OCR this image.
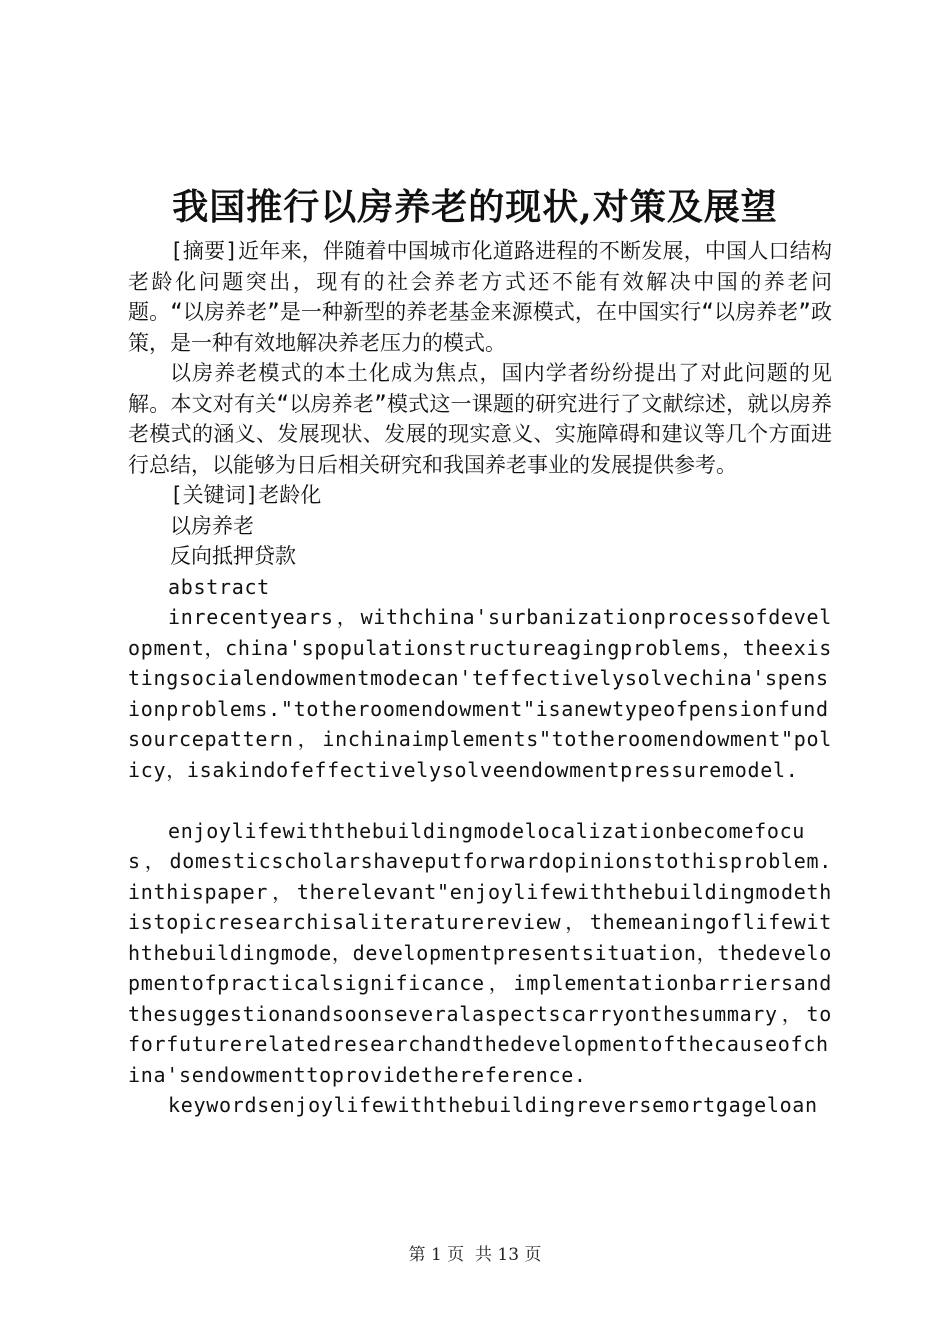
我国推行以房养老的现状,对策及展望

[摘要]近年来，伴随着中国城市化道路进程的不断发展，中国人口结构老龄化问题突出，现有的社会养老方式还不能有效解决中国的养老问题。“以房养老”是一种新型的养老基金来源模式，在中国实行“以房养老”政策，是一种有效地解决养老压力的模式。

以房养老模式的本土化成为焦点，国内学者纷纷提出了对此问题的见解。本文对有关“以房养老”模式这一课题的研究进行了文献综述，就以房养老模式的涵义、发展现状、发展的现实意义、实施障碍和建议等几个方面进行总结，以能够为日后相关研究和我国养老事业的发展提供参考。

[关键词]老龄化

以房养老

反向抵押贷款

abstract

inrecentyears，withchina'surbanizationprocessofdevelopment，china'spopulationstructureagingproblems，theexistingsocialendowmentmodecan'teffectivelysolvechina'spensionproblems."totheroomendowment"isanewtypeofpensionfundsourcepattern，inchinaimplements"totheroomendowment"policy，isakindofeffectivelysolveendowmentpressuremodel.

enjoylifewiththebuildingmodelocalizationbecomefocus，domesticscholarshaveputforwardopinionstothisproblem.inthispaper，therelevant"enjoylifewiththebuildingmodethistopicresearchisaliteraturereview，themeaningoflifewiththebuildingmode，developmentpresentsituation，thedevelopmentofpracticalsignificance，implementationbarriersandthesuggestionandsoonseveralaspectscarryonthesummary，toforfuturerelatedresearchandthedevelopmentofthecauseofchina'sendowmenttoprovidethereference.

keywordsenjoylifewiththebuildingreversemortgageloan

第 1 页 共 13 页
